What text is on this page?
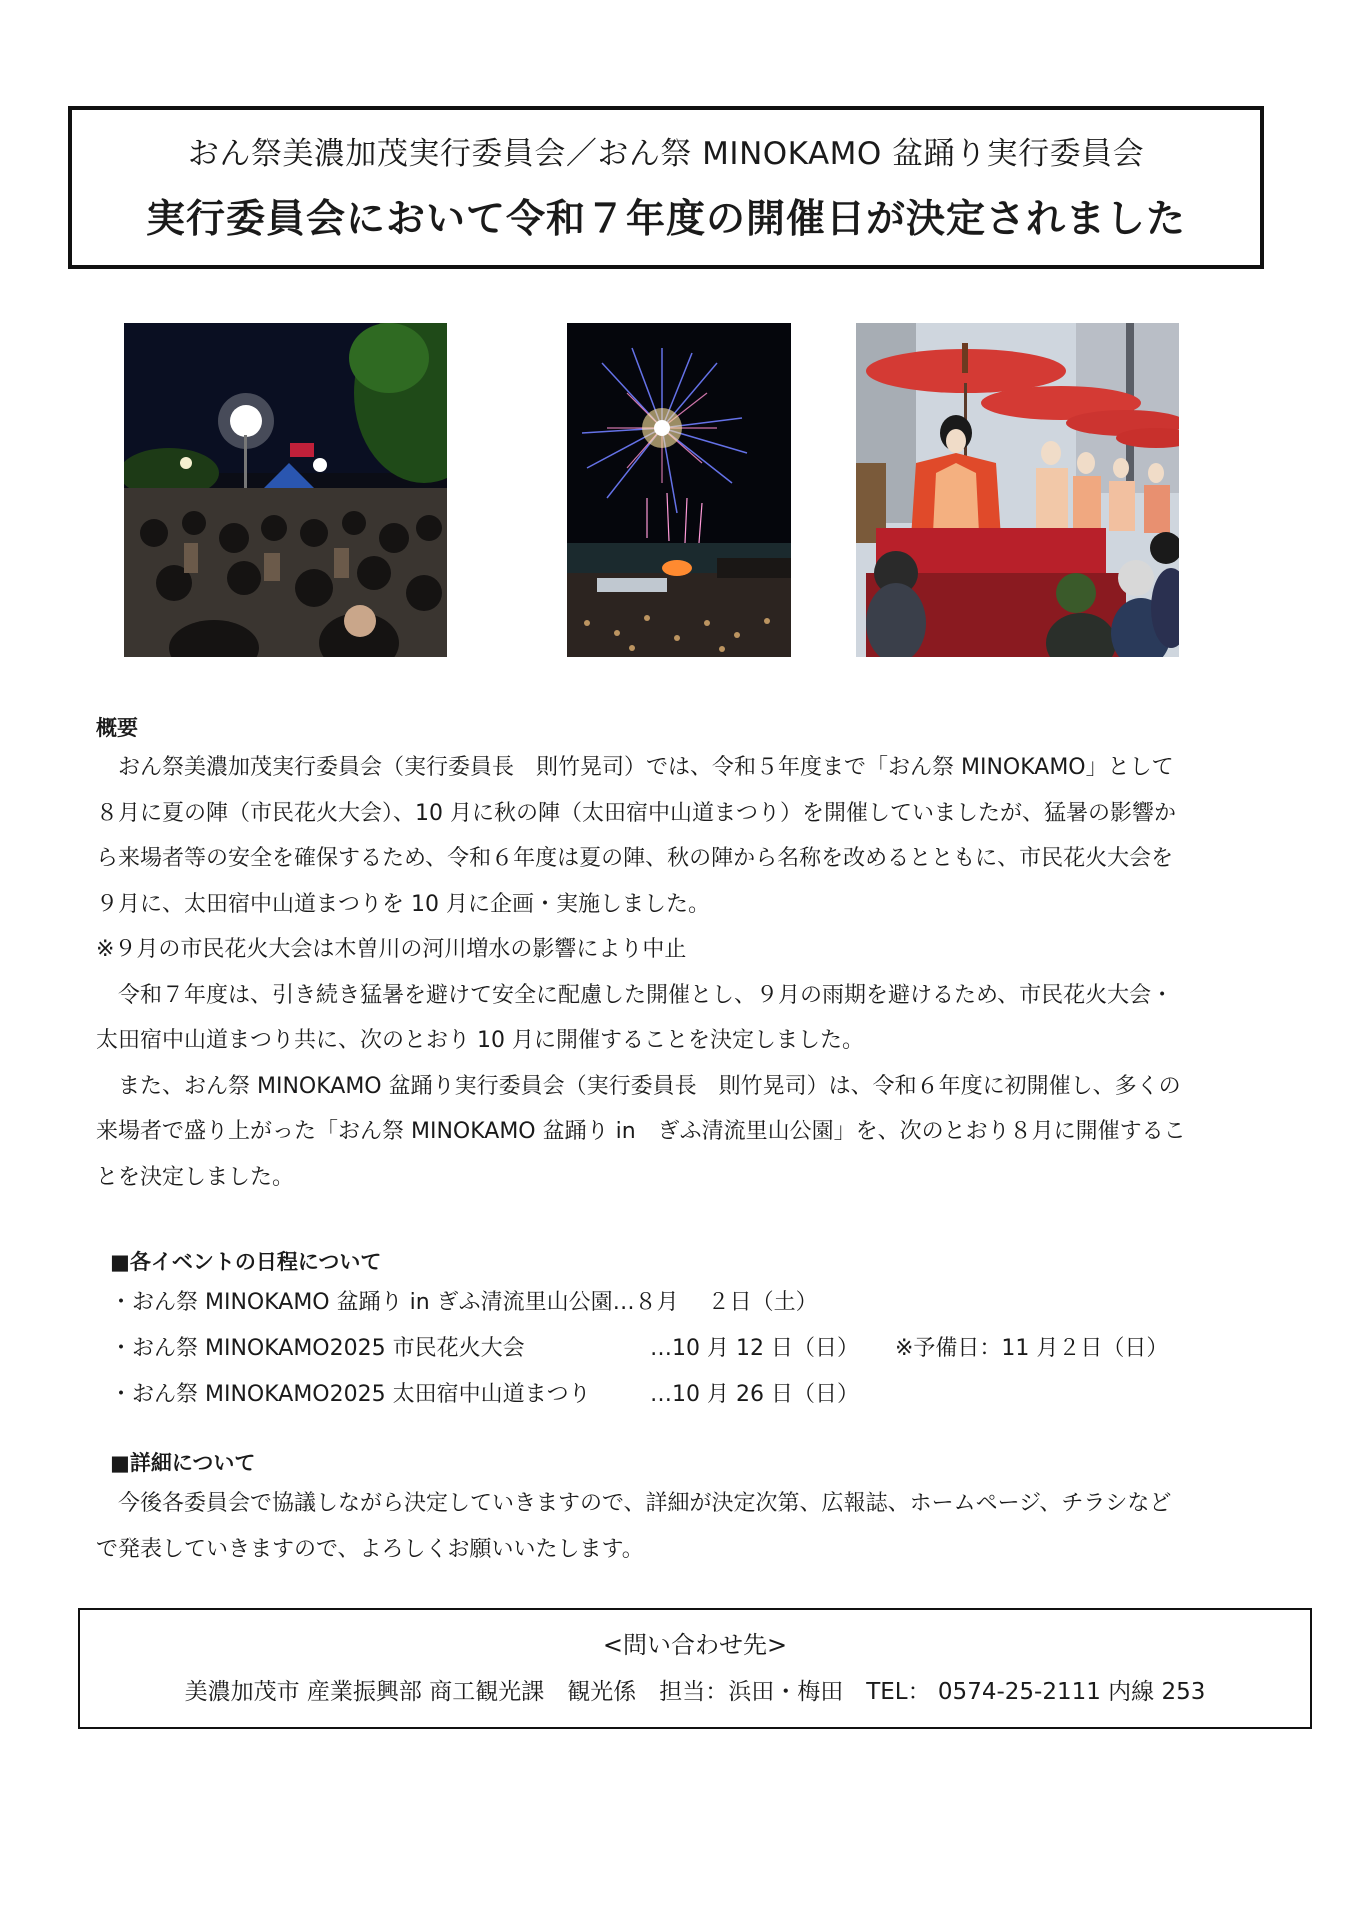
おん祭美濃加茂実行委員会／おん祭 MINOKAMO 盆踊り実行委員会
実行委員会において令和７年度の開催日が決定されました
概要

　おん祭美濃加茂実行委員会（実行委員長　則竹晃司）では、令和５年度まで「おん祭 MINOKAMO」として

８月に夏の陣（市民花火大会）、10 月に秋の陣（太田宿中山道まつり）を開催していましたが、猛暑の影響か

ら来場者等の安全を確保するため、令和６年度は夏の陣、秋の陣から名称を改めるとともに、市民花火大会を

９月に、太田宿中山道まつりを 10 月に企画・実施しました。

※９月の市民花火大会は木曽川の河川増水の影響により中止

　令和７年度は、引き続き猛暑を避けて安全に配慮した開催とし、９月の雨期を避けるため、市民花火大会・

太田宿中山道まつり共に、次のとおり 10 月に開催することを決定しました。

　また、おん祭 MINOKAMO 盆踊り実行委員会（実行委員長　則竹晃司）は、令和６年度に初開催し、多くの

来場者で盛り上がった「おん祭 MINOKAMO 盆踊り in　ぎふ清流里山公園」を、次のとおり８月に開催するこ

とを決定しました。

■各イベントの日程について
・おん祭 MINOKAMO 盆踊り in ぎふ清流里山公園…８月　 ２日（土）
・おん祭 MINOKAMO2025 市民花火大会	…10 月 12 日（日） ※予備日：11 月２日（日）
・おん祭 MINOKAMO2025 太田宿中山道まつり	…10 月 26 日（日）
■詳細について

　今後各委員会で協議しながら決定していきますので、詳細が決定次第、広報誌、ホームページ、チラシなど

で発表していきますので、よろしくお願いいたします。

<問い合わせ先>
美濃加茂市 産業振興部 商工観光課　観光係　担当：浜田・梅田　TEL： 0574-25-2111 内線 253
